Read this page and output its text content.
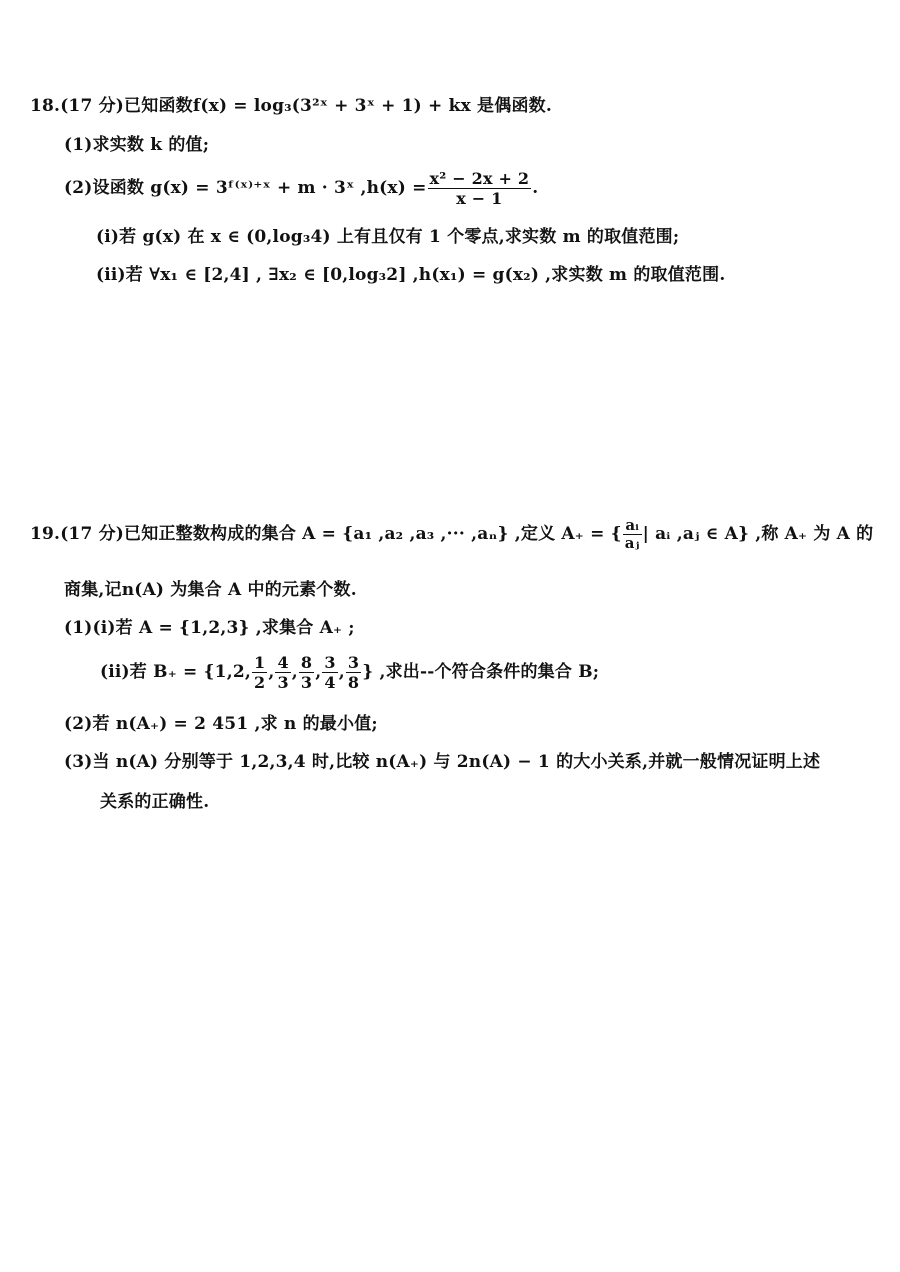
18.(17 分)已知函数f(x) = log₃(3²ˣ + 3ˣ + 1) + kx 是偶函数.
(1)求实数 k 的值;
(2)设函数 g(x) = 3ᶠ⁽ˣ⁾⁺ˣ + m · 3ˣ $,h(x) = \frac{\text{x² − 2x + 2}}{x - 1}$ .
(i)若 g(x) 在 x ∈ (0,log₃4) 上有且仅有 1 个零点,求实数 m 的取值范围;
(ii)若 ∀x₁ ∈ [2,4] , ∃x₂ ∈ [0,log₃2] ,h(x₁) = g(x₂) ,求实数 m 的取值范围.
19.(17 分)已知正整数构成的集合 A = {a₁ ,a₂ ,a₃ ,··· ,aₙ} ,定义 A₊ = { $\frac{\text{aᵢ}}{\text{aⱼ}}$ | aᵢ ,aⱼ ∈ A} ,称 A₊ 为 A 的
商集,记n(A) 为集合 A 中的元素个数.
(1)(i)若 A = {1,2,3} ,求集合 A₊ ;
(ii)若 B₊ = {1,2, $\frac{1}{2}$ , $\frac{4}{3}$ , $\frac{8}{3}$ , $\frac{3}{4}$ , $\frac{3}{8}$ } ,求出--个符合条件的集合 B;
(2)若 n(A₊) = 2 451 ,求 n 的最小值;
(3)当 n(A) 分别等于 1,2,3,4 时,比较 n(A₊) 与 2n(A) − 1 的大小关系,并就一般情况证明上述
关系的正确性.
